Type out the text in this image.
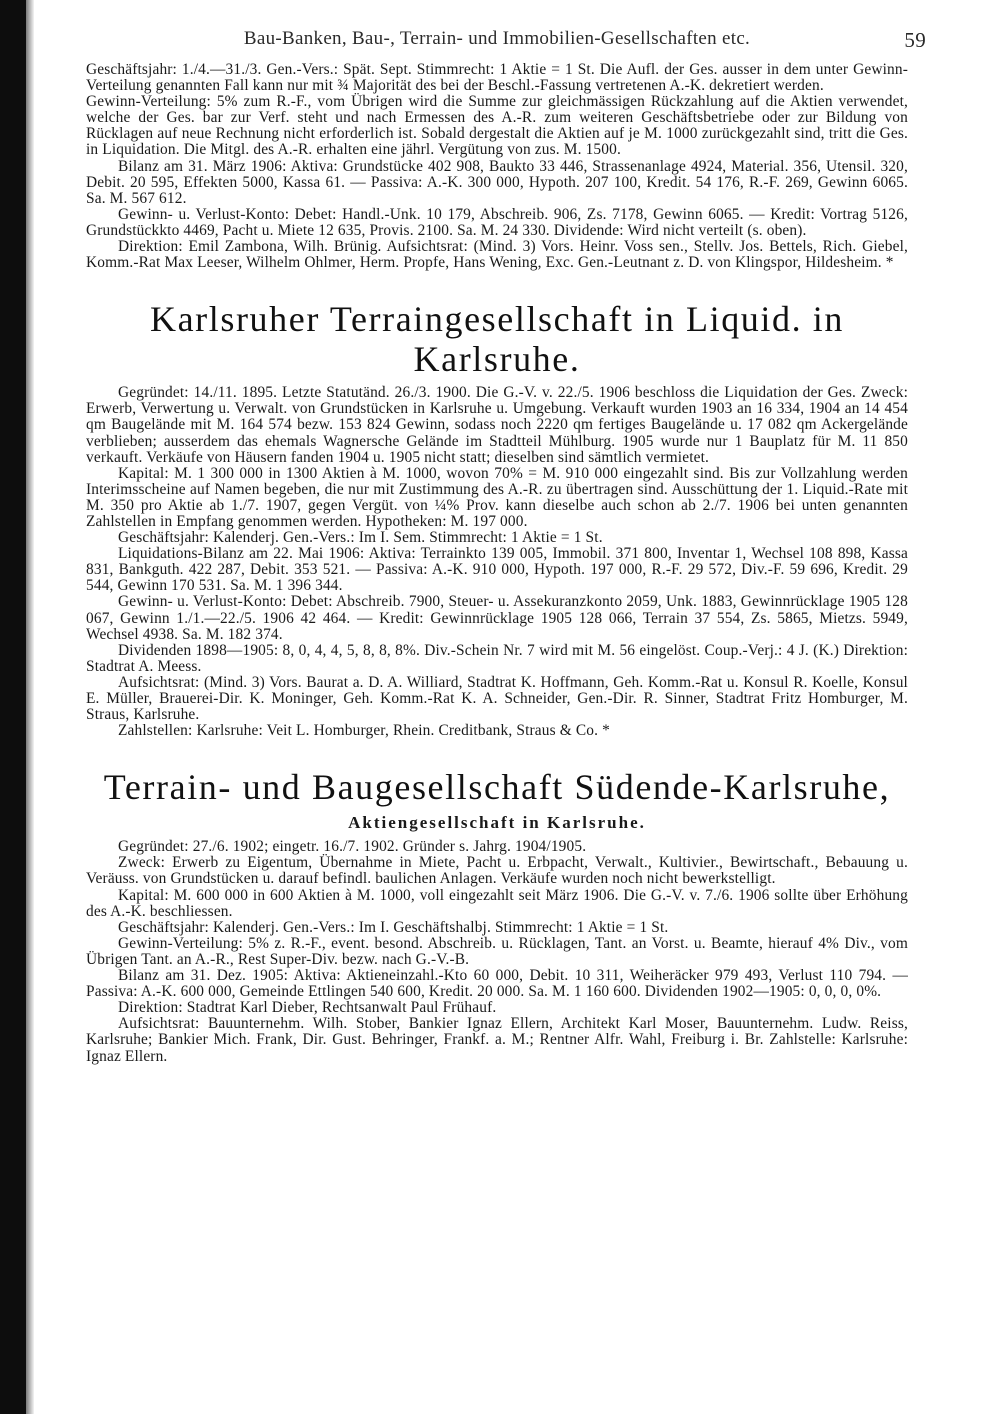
Bau-Banken, Bau-, Terrain- und Immobilien-Gesellschaften etc.	59

Geschäftsjahr: 1./4.—31./3. Gen.-Vers.: Spät. Sept. Stimmrecht: 1 Aktie = 1 St. Die Aufl. der Ges. ausser in dem unter Gewinn-Verteilung genannten Fall kann nur mit ¾ Majorität des bei der Beschl.-Fassung vertretenen A.-K. dekretiert werden.

Gewinn-Verteilung: 5% zum R.-F., vom Übrigen wird die Summe zur gleichmässigen Rückzahlung auf die Aktien verwendet, welche der Ges. bar zur Verf. steht und nach Ermessen des A.-R. zum weiteren Geschäftsbetriebe oder zur Bildung von Rücklagen auf neue Rechnung nicht erforderlich ist. Sobald dergestalt die Aktien auf je M. 1000 zurückgezahlt sind, tritt die Ges. in Liquidation. Die Mitgl. des A.-R. erhalten eine jährl. Vergütung von zus. M. 1500.

Bilanz am 31. März 1906: Aktiva: Grundstücke 402 908, Baukto 33 446, Strassenanlage 4924, Material. 356, Utensil. 320, Debit. 20 595, Effekten 5000, Kassa 61. — Passiva: A.-K. 300 000, Hypoth. 207 100, Kredit. 54 176, R.-F. 269, Gewinn 6065. Sa. M. 567 612.

Gewinn- u. Verlust-Konto: Debet: Handl.-Unk. 10 179, Abschreib. 906, Zs. 7178, Gewinn 6065. — Kredit: Vortrag 5126, Grundstückkto 4469, Pacht u. Miete 12 635, Provis. 2100. Sa. M. 24 330. Dividende: Wird nicht verteilt (s. oben).

Direktion: Emil Zambona, Wilh. Brünig. Aufsichtsrat: (Mind. 3) Vors. Heinr. Voss sen., Stellv. Jos. Bettels, Rich. Giebel, Komm.-Rat Max Leeser, Wilhelm Ohlmer, Herm. Propfe, Hans Wening, Exc. Gen.-Leutnant z. D. von Klingspor, Hildesheim. *

Karlsruher Terraingesellschaft in Liquid. in Karlsruhe.

Gegründet: 14./11. 1895. Letzte Statutänd. 26./3. 1900. Die G.-V. v. 22./5. 1906 beschloss die Liquidation der Ges. Zweck: Erwerb, Verwertung u. Verwalt. von Grundstücken in Karlsruhe u. Umgebung. Verkauft wurden 1903 an 16 334, 1904 an 14 454 qm Baugelände mit M. 164 574 bezw. 153 824 Gewinn, sodass noch 2220 qm fertiges Baugelände u. 17 082 qm Ackergelände verblieben; ausserdem das ehemals Wagnersche Gelände im Stadtteil Mühlburg. 1905 wurde nur 1 Bauplatz für M. 11 850 verkauft. Verkäufe von Häusern fanden 1904 u. 1905 nicht statt; dieselben sind sämtlich vermietet.

Kapital: M. 1 300 000 in 1300 Aktien à M. 1000, wovon 70% = M. 910 000 eingezahlt sind. Bis zur Vollzahlung werden Interimsscheine auf Namen begeben, die nur mit Zustimmung des A.-R. zu übertragen sind. Ausschüttung der 1. Liquid.-Rate mit M. 350 pro Aktie ab 1./7. 1907, gegen Vergüt. von ¼% Prov. kann dieselbe auch schon ab 2./7. 1906 bei unten genannten Zahlstellen in Empfang genommen werden. Hypotheken: M. 197 000.

Geschäftsjahr: Kalenderj. Gen.-Vers.: Im I. Sem. Stimmrecht: 1 Aktie = 1 St.

Liquidations-Bilanz am 22. Mai 1906: Aktiva: Terrainkto 139 005, Immobil. 371 800, Inventar 1, Wechsel 108 898, Kassa 831, Bankguth. 422 287, Debit. 353 521. — Passiva: A.-K. 910 000, Hypoth. 197 000, R.-F. 29 572, Div.-F. 59 696, Kredit. 29 544, Gewinn 170 531. Sa. M. 1 396 344.

Gewinn- u. Verlust-Konto: Debet: Abschreib. 7900, Steuer- u. Assekuranzkonto 2059, Unk. 1883, Gewinnrücklage 1905 128 067, Gewinn 1./1.—22./5. 1906 42 464. — Kredit: Gewinnrücklage 1905 128 066, Terrain 37 554, Zs. 5865, Mietzs. 5949, Wechsel 4938. Sa. M. 182 374.

Dividenden 1898—1905: 8, 0, 4, 4, 5, 8, 8, 8%. Div.-Schein Nr. 7 wird mit M. 56 eingelöst. Coup.-Verj.: 4 J. (K.) Direktion: Stadtrat A. Meess.

Aufsichtsrat: (Mind. 3) Vors. Baurat a. D. A. Williard, Stadtrat K. Hoffmann, Geh. Komm.-Rat u. Konsul R. Koelle, Konsul E. Müller, Brauerei-Dir. K. Moninger, Geh. Komm.-Rat K. A. Schneider, Gen.-Dir. R. Sinner, Stadtrat Fritz Homburger, M. Straus, Karlsruhe.

Zahlstellen: Karlsruhe: Veit L. Homburger, Rhein. Creditbank, Straus & Co. *

Terrain- und Baugesellschaft Südende-Karlsruhe,
Aktiengesellschaft in Karlsruhe.

Gegründet: 27./6. 1902; eingetr. 16./7. 1902. Gründer s. Jahrg. 1904/1905.

Zweck: Erwerb zu Eigentum, Übernahme in Miete, Pacht u. Erbpacht, Verwalt., Kultivier., Bewirtschaft., Bebauung u. Veräuss. von Grundstücken u. darauf befindl. baulichen Anlagen. Verkäufe wurden noch nicht bewerkstelligt.

Kapital: M. 600 000 in 600 Aktien à M. 1000, voll eingezahlt seit März 1906. Die G.-V. v. 7./6. 1906 sollte über Erhöhung des A.-K. beschliessen.

Geschäftsjahr: Kalenderj. Gen.-Vers.: Im I. Geschäftshalbj. Stimmrecht: 1 Aktie = 1 St.

Gewinn-Verteilung: 5% z. R.-F., event. besond. Abschreib. u. Rücklagen, Tant. an Vorst. u. Beamte, hierauf 4% Div., vom Übrigen Tant. an A.-R., Rest Super-Div. bezw. nach G.-V.-B.

Bilanz am 31. Dez. 1905: Aktiva: Aktieneinzahl.-Kto 60 000, Debit. 10 311, Weiheräcker 979 493, Verlust 110 794. — Passiva: A.-K. 600 000, Gemeinde Ettlingen 540 600, Kredit. 20 000. Sa. M. 1 160 600. Dividenden 1902—1905: 0, 0, 0, 0%.

Direktion: Stadtrat Karl Dieber, Rechtsanwalt Paul Frühauf.

Aufsichtsrat: Bauunternehm. Wilh. Stober, Bankier Ignaz Ellern, Architekt Karl Moser, Bauunternehm. Ludw. Reiss, Karlsruhe; Bankier Mich. Frank, Dir. Gust. Behringer, Frankf. a. M.; Rentner Alfr. Wahl, Freiburg i. Br. Zahlstelle: Karlsruhe: Ignaz Ellern.
